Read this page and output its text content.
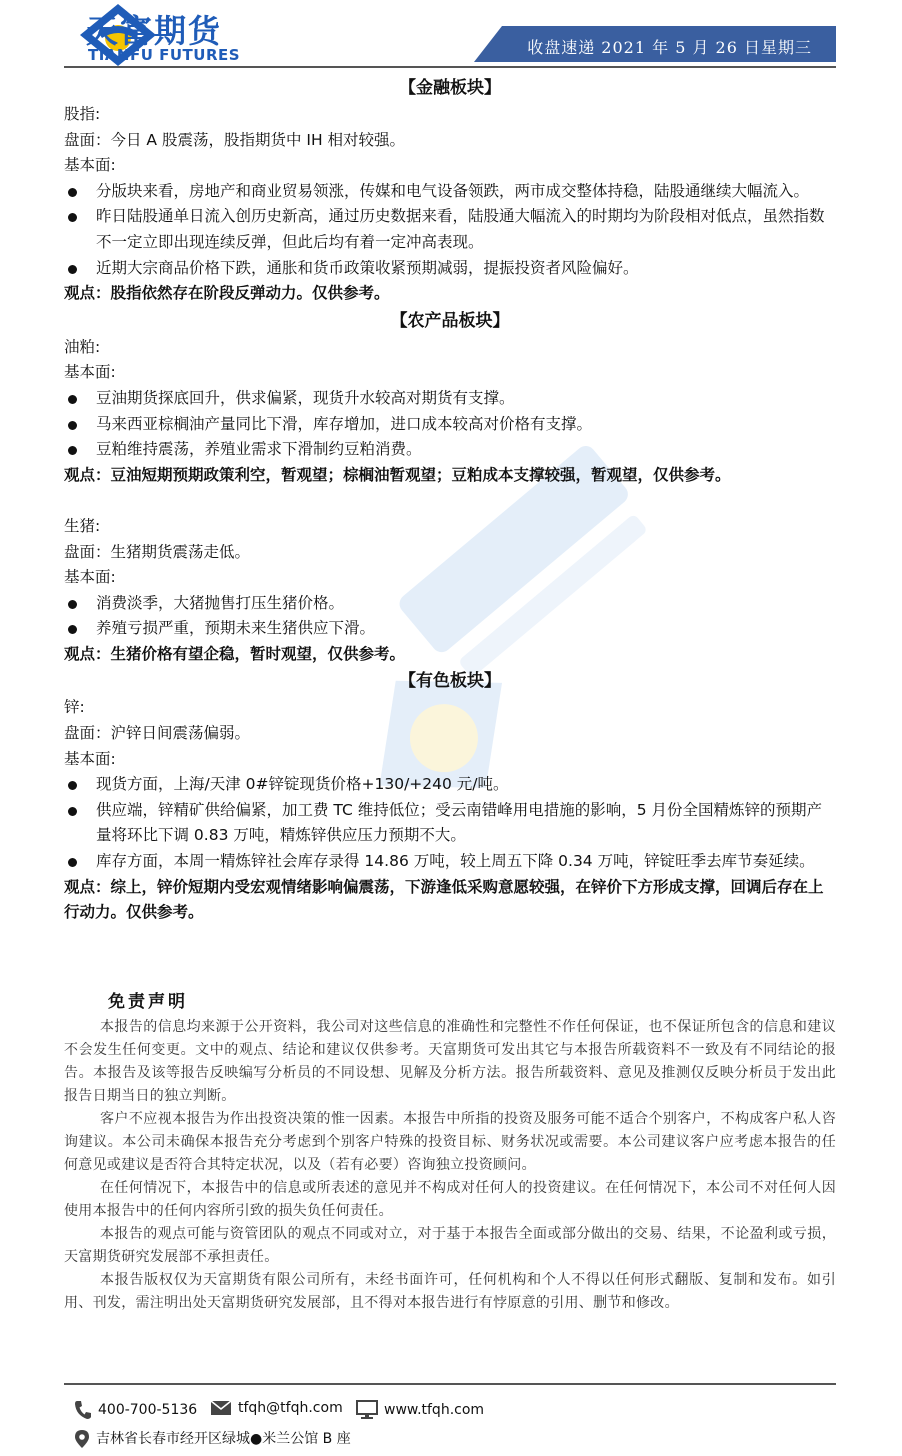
天富期货
TIANFU FUTURES	收盘速递 2021 年 5 月 26 日星期三
【金融板块】
股指:
盘面：今日 A 股震荡，股指期货中 IH 相对较强。
基本面:
分版块来看，房地产和商业贸易领涨，传媒和电气设备领跌，两市成交整体持稳，陆股通继续大幅流入。
昨日陆股通单日流入创历史新高，通过历史数据来看，陆股通大幅流入的时期均为阶段相对低点，虽然指数不一定立即出现连续反弹，但此后均有着一定冲高表现。
近期大宗商品价格下跌，通胀和货币政策收紧预期减弱，提振投资者风险偏好。
观点：股指依然存在阶段反弹动力。仅供参考。
【农产品板块】
油粕:
基本面:
豆油期货探底回升，供求偏紧，现货升水较高对期货有支撑。
马来西亚棕榈油产量同比下滑，库存增加，进口成本较高对价格有支撑。
豆粕维持震荡，养殖业需求下滑制约豆粕消费。
观点：豆油短期预期政策利空，暂观望；棕榈油暂观望；豆粕成本支撑较强，暂观望，仅供参考。
生猪:
盘面：生猪期货震荡走低。
基本面:
消费淡季，大猪抛售打压生猪价格。
养殖亏损严重，预期未来生猪供应下滑。
观点：生猪价格有望企稳，暂时观望，仅供参考。
【有色板块】
锌:
盘面：沪锌日间震荡偏弱。
基本面:
现货方面，上海/天津 0#锌锭现货价格+130/+240 元/吨。
供应端，锌精矿供给偏紧，加工费 TC 维持低位；受云南错峰用电措施的影响，5 月份全国精炼锌的预期产量将环比下调 0.83 万吨，精炼锌供应压力预期不大。
库存方面，本周一精炼锌社会库存录得 14.86 万吨，较上周五下降 0.34 万吨，锌锭旺季去库节奏延续。
观点：综上，锌价短期内受宏观情绪影响偏震荡，下游逢低采购意愿较强，在锌价下方形成支撑，回调后存在上行动力。仅供参考。
免责声明

本报告的信息均来源于公开资料，我公司对这些信息的准确性和完整性不作任何保证，也不保证所包含的信息和建议不会发生任何变更。文中的观点、结论和建议仅供参考。天富期货可发出其它与本报告所载资料不一致及有不同结论的报告。本报告及该等报告反映编写分析员的不同设想、见解及分析方法。报告所载资料、意见及推测仅反映分析员于发出此报告日期当日的独立判断。

客户不应视本报告为作出投资决策的惟一因素。本报告中所指的投资及服务可能不适合个别客户，不构成客户私人咨询建议。本公司未确保本报告充分考虑到个别客户特殊的投资目标、财务状况或需要。本公司建议客户应考虑本报告的任何意见或建议是否符合其特定状况，以及（若有必要）咨询独立投资顾问。

在任何情况下，本报告中的信息或所表述的意见并不构成对任何人的投资建议。在任何情况下，本公司不对任何人因使用本报告中的任何内容所引致的损失负任何责任。

本报告的观点可能与资管团队的观点不同或对立，对于基于本报告全面或部分做出的交易、结果，不论盈利或亏损，天富期货研究发展部不承担责任。

本报告版权仅为天富期货有限公司所有，未经书面许可，任何机构和个人不得以任何形式翻版、复制和发布。如引用、刊发，需注明出处天富期货研究发展部，且不得对本报告进行有悖原意的引用、删节和修改。

400-700-5136	tfqh@tfqh.com	www.tfqh.com
吉林省长春市经开区绿城●米兰公馆 B 座
